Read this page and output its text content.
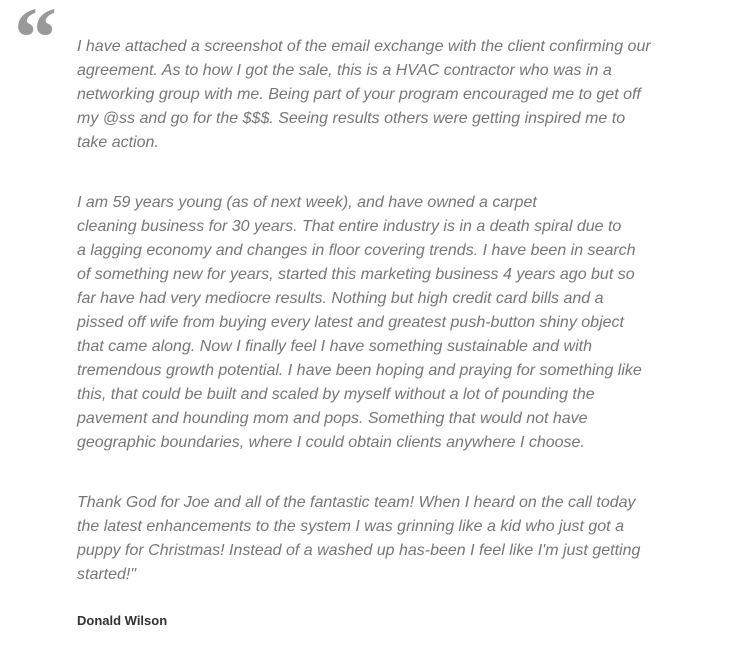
“ I have attached a screenshot of the email exchange with the client confirming our
agreement. As to how I got the sale, this is a HVAC contractor who was in a
networking group with me. Being part of your program encouraged me to get off
my @ss and go for the $$$. Seeing results others were getting inspired me to
take action.

I am 59 years young (as of next week), and have owned a carpet
cleaning business for 30 years. That entire industry is in a death spiral due to
a lagging economy and changes in floor covering trends. I have been in search
of something new for years, started this marketing business 4 years ago but so
far have had very mediocre results. Nothing but high credit card bills and a
pissed off wife from buying every latest and greatest push-button shiny object
that came along. Now I finally feel I have something sustainable and with
tremendous growth potential. I have been hoping and praying for something like
this, that could be built and scaled by myself without a lot of pounding the
pavement and hounding mom and pops. Something that would not have
geographic boundaries, where I could obtain clients anywhere I choose.

Thank God for Joe and all of the fantastic team! When I heard on the call today
the latest enhancements to the system I was grinning like a kid who just got a
puppy for Christmas! Instead of a washed up has-been I feel like I'm just getting
started!"

Donald Wilson
